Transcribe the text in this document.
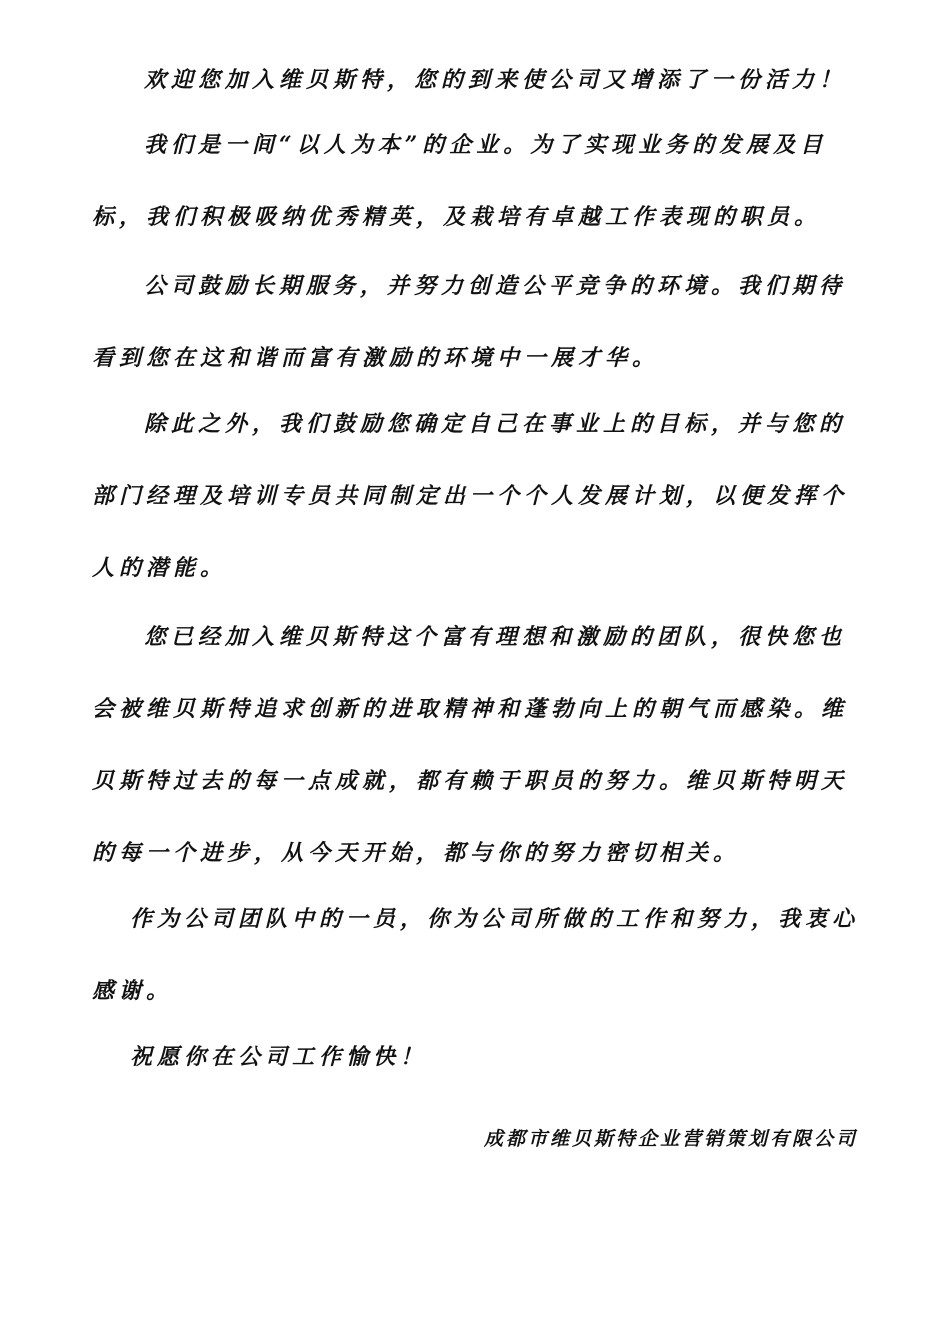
欢迎您加入维贝斯特，您的到来使公司又增添了一份活力！

我们是一间“以人为本”的企业。为了实现业务的发展及目标，我们积极吸纳优秀精英，及栽培有卓越工作表现的职员。

公司鼓励长期服务，并努力创造公平竞争的环境。我们期待看到您在这和谐而富有激励的环境中一展才华。

除此之外，我们鼓励您确定自己在事业上的目标，并与您的部门经理及培训专员共同制定出一个个人发展计划，以便发挥个人的潜能。

您已经加入维贝斯特这个富有理想和激励的团队，很快您也会被维贝斯特追求创新的进取精神和蓬勃向上的朝气而感染。维贝斯特过去的每一点成就，都有赖于职员的努力。维贝斯特明天的每一个进步，从今天开始，都与你的努力密切相关。

作为公司团队中的一员，你为公司所做的工作和努力，我衷心感谢。

祝愿你在公司工作愉快！

成都市维贝斯特企业营销策划有限公司
